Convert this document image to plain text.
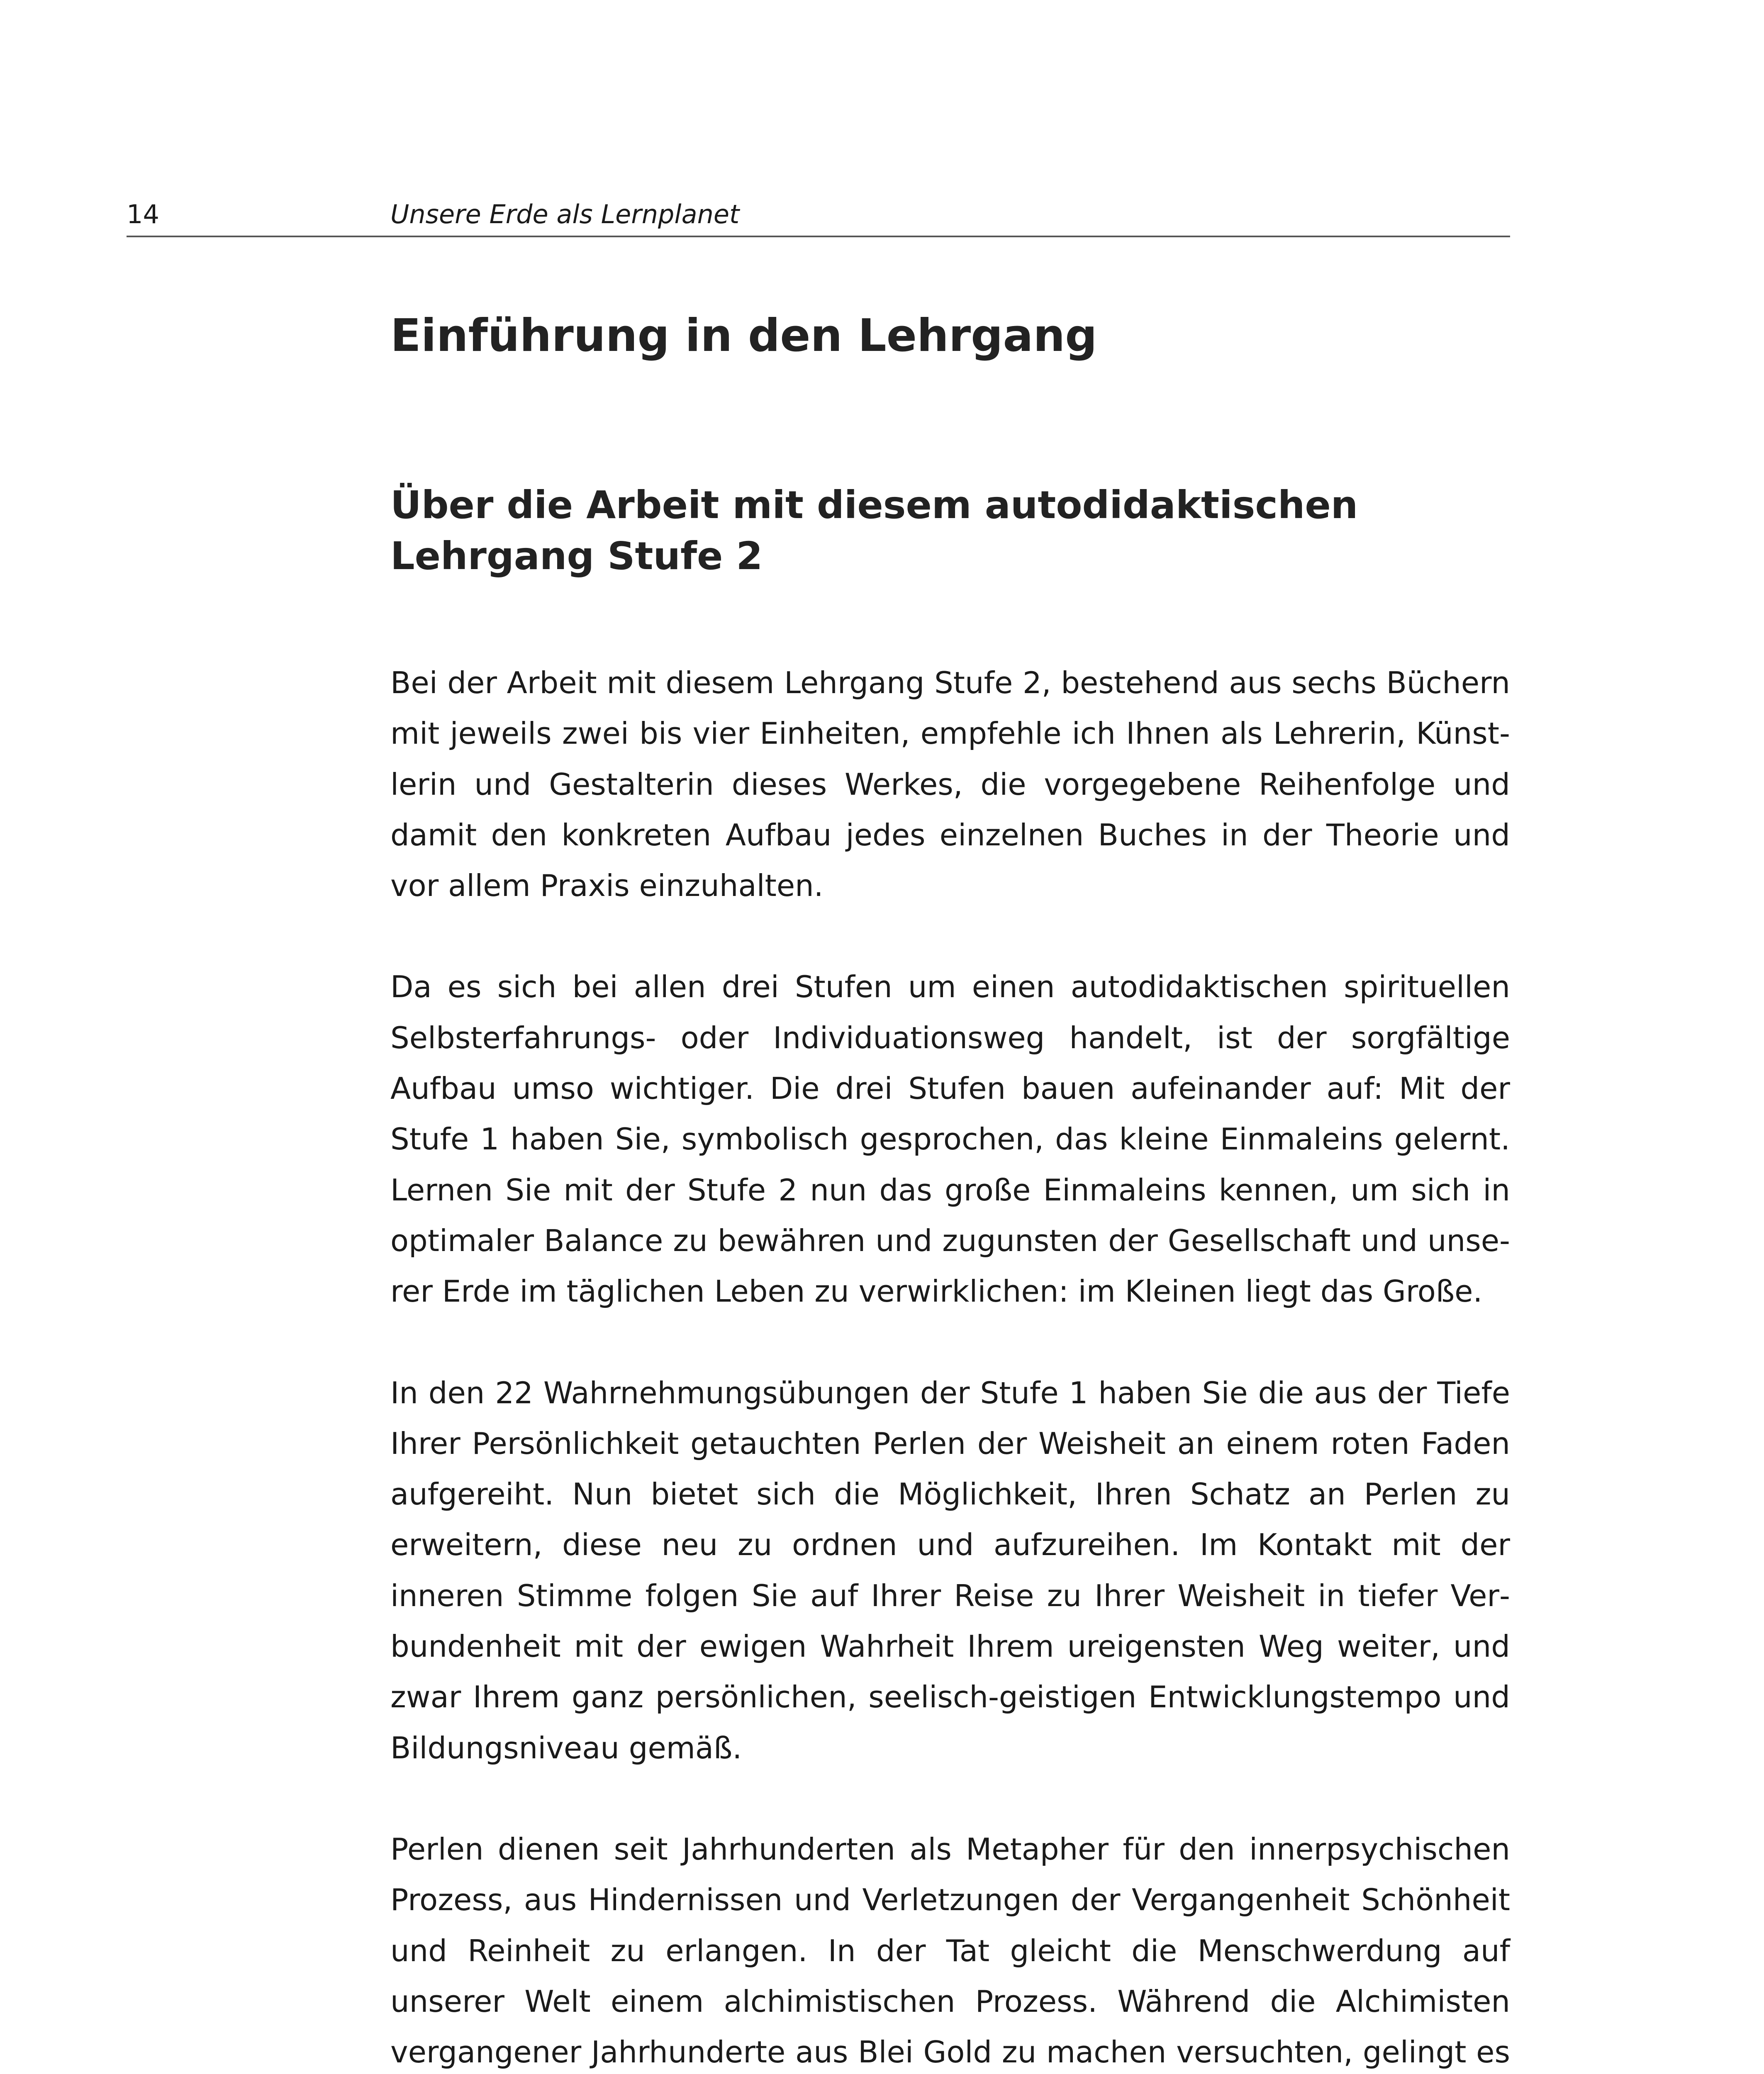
14	Unsere Erde als Lernplanet
Einführung in den Lehrgang
Über die Arbeit mit diesem autodidaktischen
Lehrgang Stufe 2

Bei der Arbeit mit diesem Lehrgang Stufe 2, bestehend aus sechs Büchern mit jeweils zwei bis vier Einheiten, empfehle ich Ihnen als Lehrerin, Künstlerin und Gestalterin dieses Werkes, die vorgegebene Reihenfolge und damit den konkreten Aufbau jedes einzelnen Buches in der Theorie und vor allem Praxis einzuhalten.

Da es sich bei allen drei Stufen um einen autodidaktischen spirituellen Selbsterfahrungs- oder Individuationsweg handelt, ist der sorgfältige Aufbau umso wichtiger. Die drei Stufen bauen aufeinander auf: Mit der Stufe 1 haben Sie, symbolisch gesprochen, das kleine Einmaleins gelernt. Lernen Sie mit der Stufe 2 nun das große Einmaleins kennen, um sich in optimaler Balance zu bewähren und zugunsten der Gesellschaft und unserer Erde im täglichen Leben zu verwirklichen: im Kleinen liegt das Große.

In den 22 Wahrnehmungsübungen der Stufe 1 haben Sie die aus der Tiefe Ihrer Persönlichkeit getauchten Perlen der Weisheit an einem roten Faden aufgereiht. Nun bietet sich die Möglichkeit, Ihren Schatz an Perlen zu erweitern, diese neu zu ordnen und aufzureihen. Im Kontakt mit der inneren Stimme folgen Sie auf Ihrer Reise zu Ihrer Weisheit in tiefer Verbundenheit mit der ewigen Wahrheit Ihrem ureigensten Weg weiter, und zwar Ihrem ganz persönlichen, seelisch-geistigen Entwicklungstempo und Bildungsniveau gemäß.

Perlen dienen seit Jahrhunderten als Metapher für den innerpsychischen Prozess, aus Hindernissen und Verletzungen der Vergangenheit Schönheit und Reinheit zu erlangen. In der Tat gleicht die Menschwerdung auf unserer Welt einem alchimistischen Prozess. Während die Alchimisten vergangener Jahrhunderte aus Blei Gold zu machen versuchten, gelingt es
